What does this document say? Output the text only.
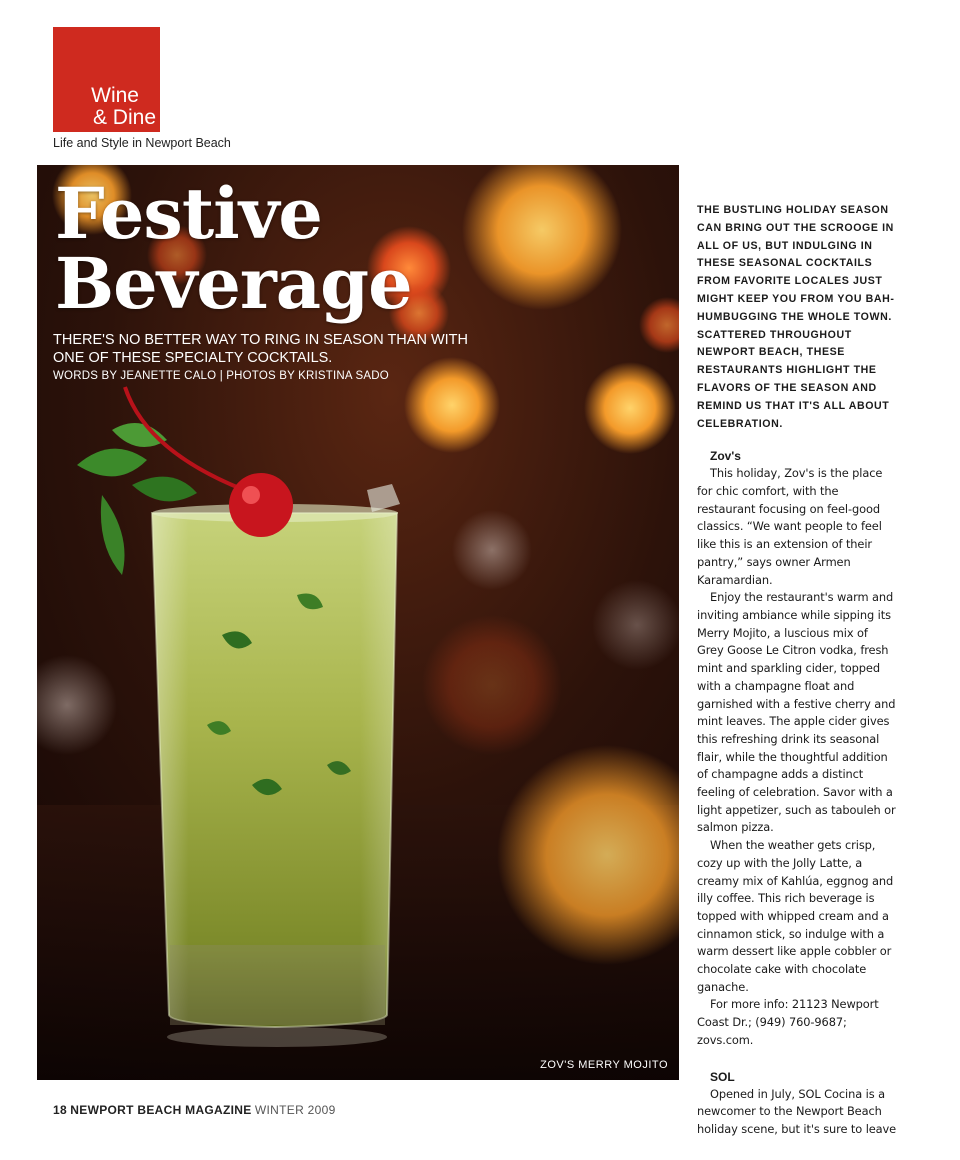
Wine
& Dine
Life and Style in Newport Beach
Festive
Beverage
THERE'S NO BETTER WAY TO RING IN SEASON THAN WITH
ONE OF THESE SPECIALTY COCKTAILS.
WORDS BY JEANETTE CALO | PHOTOS BY KRISTINA SADO
ZOV'S MERRY MOJITO
THE BUSTLING HOLIDAY SEASON CAN BRING OUT THE SCROOGE IN ALL OF US, BUT INDULGING IN THESE SEASONAL COCKTAILS FROM FAVORITE LOCALES JUST MIGHT KEEP YOU FROM YOU BAH-HUMBUGGING THE WHOLE TOWN. SCATTERED THROUGHOUT NEWPORT BEACH, THESE RESTAURANTS HIGHLIGHT THE FLAVORS OF THE SEASON AND REMIND US THAT IT'S ALL ABOUT CELEBRATION.
Zov's

This holiday, Zov's is the place for chic comfort, with the restaurant focusing on feel-good classics. “We want people to feel like this is an extension of their pantry,” says owner Armen Karamardian.

Enjoy the restaurant's warm and inviting ambiance while sipping its Merry Mojito, a luscious mix of Grey Goose Le Citron vodka, fresh mint and sparkling cider, topped with a champagne float and garnished with a festive cherry and mint leaves. The apple cider gives this refreshing drink its seasonal flair, while the thoughtful addition of champagne adds a distinct feeling of celebration. Savor with a light appetizer, such as tabouleh or salmon pizza.

When the weather gets crisp, cozy up with the Jolly Latte, a creamy mix of Kahlúa, eggnog and illy coffee. This rich beverage is topped with whipped cream and a cinnamon stick, so indulge with a warm dessert like apple cobbler or chocolate cake with chocolate ganache.

For more info: 21123 Newport Coast Dr.; (949) 760-9687; zovs.com.

SOL

Opened in July, SOL Cocina is a newcomer to the Newport Beach holiday scene, but it's sure to leave

18 NEWPORT BEACH MAGAZINE WINTER 2009
